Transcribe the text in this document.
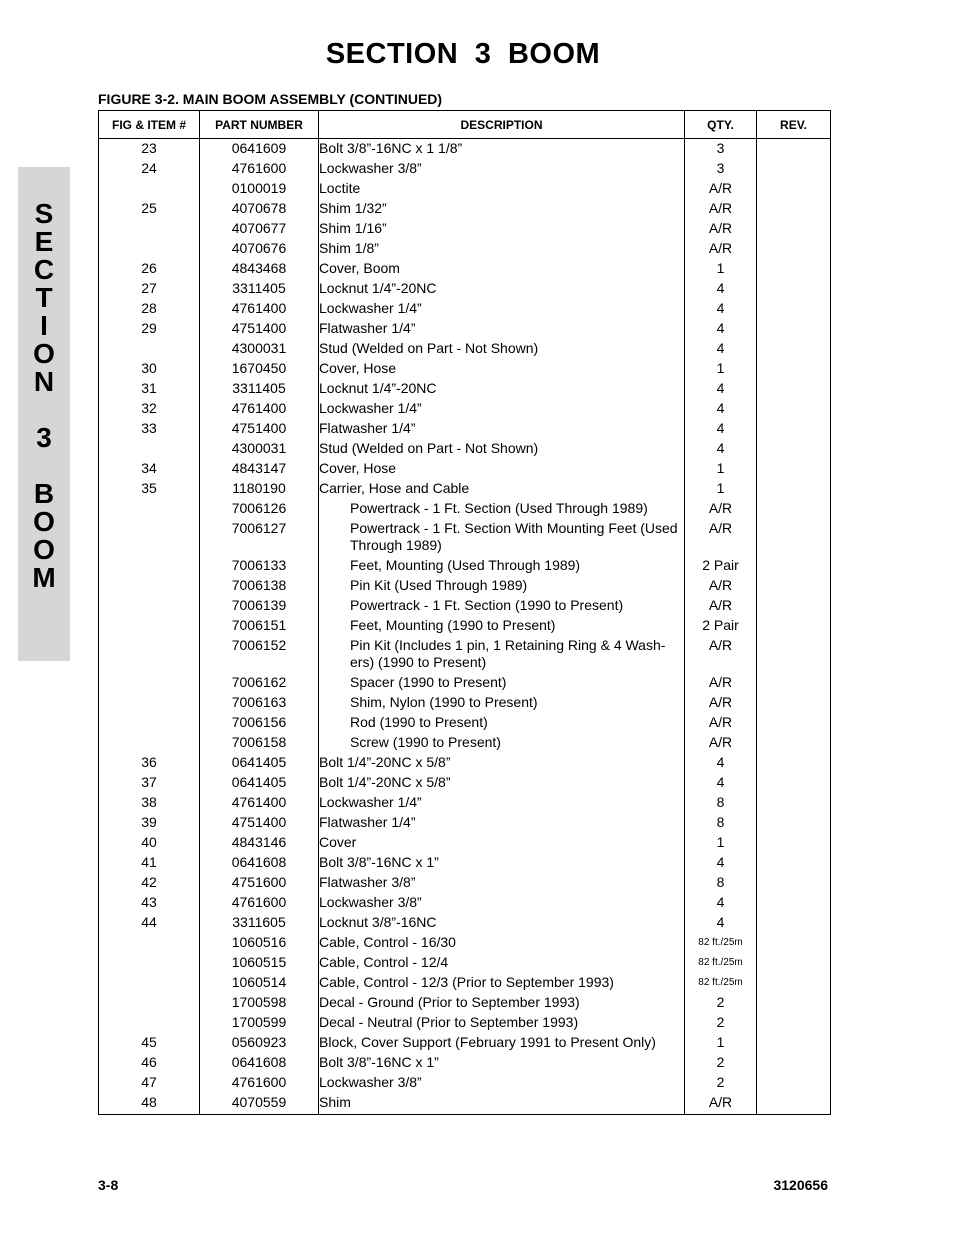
SECTION 3 BOOM
S
E
C
T
I
O
N
3
B
O
O
M
FIGURE 3-2. MAIN BOOM ASSEMBLY (CONTINUED)
FIG & ITEM #	PART NUMBER	DESCRIPTION	QTY.	REV.
23	0641609	Bolt 3/8”-16NC x 1 1/8”	3	
24	4761600	Lockwasher 3/8”	3	
	0100019	Loctite	A/R	
25	4070678	Shim 1/32”	A/R	
	4070677	Shim 1/16”	A/R	
	4070676	Shim 1/8”	A/R	
26	4843468	Cover, Boom	1	
27	3311405	Locknut 1/4”-20NC	4	
28	4761400	Lockwasher 1/4”	4	
29	4751400	Flatwasher 1/4”	4	
	4300031	Stud (Welded on Part - Not Shown)	4	
30	1670450	Cover, Hose	1	
31	3311405	Locknut 1/4”-20NC	4	
32	4761400	Lockwasher 1/4”	4	
33	4751400	Flatwasher 1/4”	4	
	4300031	Stud (Welded on Part - Not Shown)	4	
34	4843147	Cover, Hose	1	
35	1180190	Carrier, Hose and Cable	1	
	7006126	Powertrack - 1 Ft. Section (Used Through 1989)	A/R	
	7006127	Powertrack - 1 Ft. Section With Mounting Feet (Used Through 1989)	A/R	
	7006133	Feet, Mounting (Used Through 1989)	2 Pair	
	7006138	Pin Kit (Used Through 1989)	A/R	
	7006139	Powertrack - 1 Ft. Section (1990 to Present)	A/R	
	7006151	Feet, Mounting (1990 to Present)	2 Pair	
	7006152	Pin Kit (Includes 1 pin, 1 Retaining Ring & 4 Wash-ers) (1990 to Present)	A/R	
	7006162	Spacer (1990 to Present)	A/R	
	7006163	Shim, Nylon (1990 to Present)	A/R	
	7006156	Rod (1990 to Present)	A/R	
	7006158	Screw (1990 to Present)	A/R	
36	0641405	Bolt 1/4”-20NC x 5/8”	4	
37	0641405	Bolt 1/4”-20NC x 5/8”	4	
38	4761400	Lockwasher 1/4”	8	
39	4751400	Flatwasher 1/4”	8	
40	4843146	Cover	1	
41	0641608	Bolt 3/8”-16NC x 1”	4	
42	4751600	Flatwasher 3/8”	8	
43	4761600	Lockwasher 3/8”	4	
44	3311605	Locknut 3/8”-16NC	4	
	1060516	Cable, Control - 16/30	82 ft./25m	
	1060515	Cable, Control - 12/4	82 ft./25m	
	1060514	Cable, Control - 12/3 (Prior to September 1993)	82 ft./25m	
	1700598	Decal - Ground (Prior to September 1993)	2	
	1700599	Decal - Neutral (Prior to September 1993)	2	
45	0560923	Block, Cover Support (February 1991 to Present Only)	1	
46	0641608	Bolt 3/8”-16NC x 1”	2	
47	4761600	Lockwasher 3/8”	2	
48	4070559	Shim	A/R	
3-8	3120656
